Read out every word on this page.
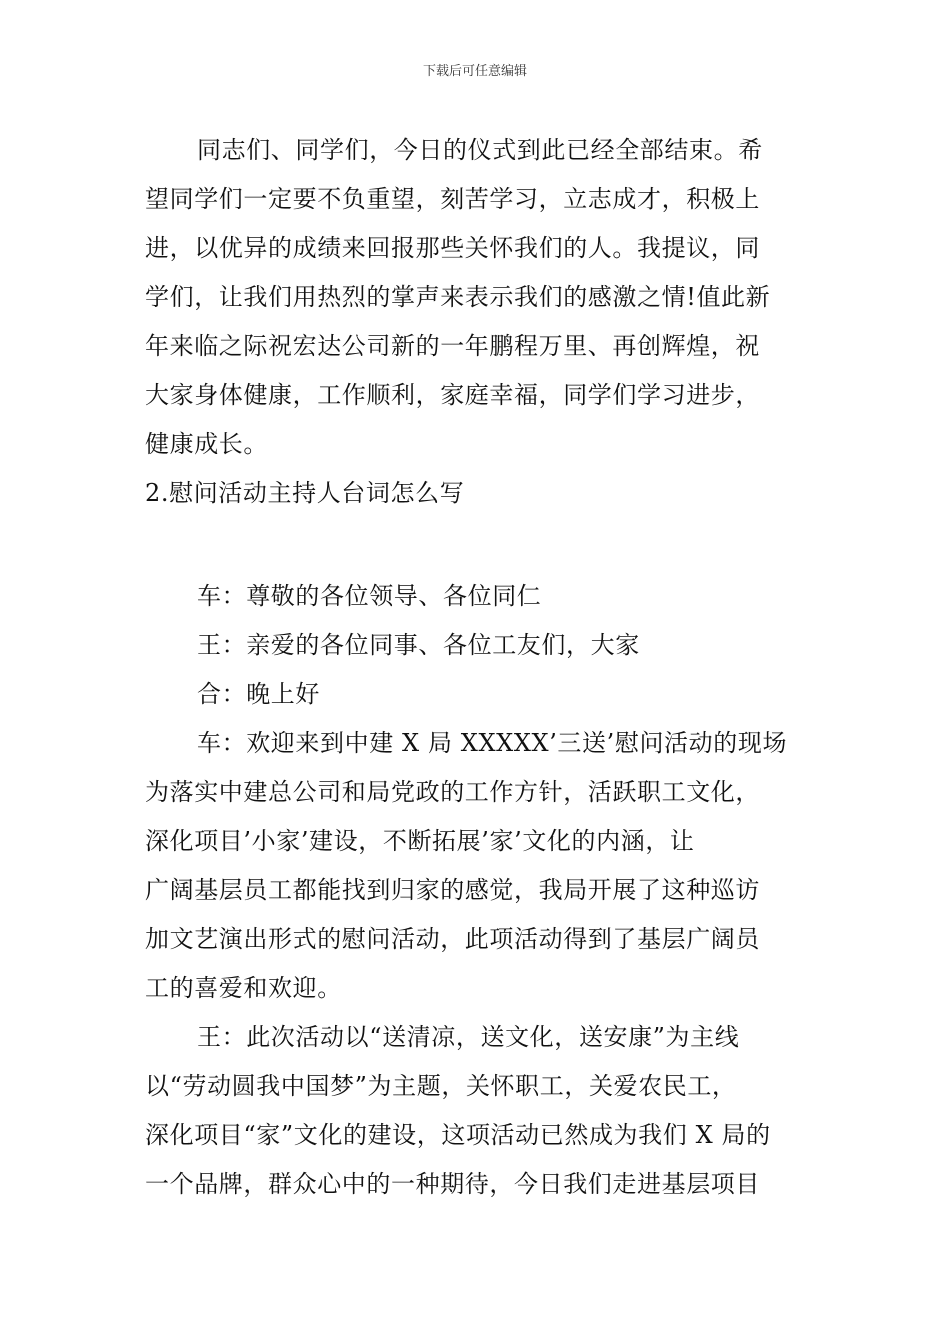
下载后可任意编辑
同志们、同学们，今日的仪式到此已经全部结束。希
望同学们一定要不负重望，刻苦学习，立志成才，积极上
进，以优异的成绩来回报那些关怀我们的人。我提议，同
学们，让我们用热烈的掌声来表示我们的感激之情!值此新
年来临之际祝宏达公司新的一年鹏程万里、再创辉煌，祝
大家身体健康，工作顺利，家庭幸福，同学们学习进步，
健康成长。
2.慰问活动主持人台词怎么写
车：尊敬的各位领导、各位同仁
王：亲爱的各位同事、各位工友们，大家
合：晚上好
车：欢迎来到中建 X 局 XXXXX’三送’慰问活动的现场
为落实中建总公司和局党政的工作方针，活跃职工文化，
深化项目’小家’建设，不断拓展’家’文化的内涵，让
广阔基层员工都能找到归家的感觉，我局开展了这种巡访
加文艺演出形式的慰问活动，此项活动得到了基层广阔员
工的喜爱和欢迎。
王：此次活动以“送清凉，送文化，送安康”为主线
以“劳动圆我中国梦”为主题，关怀职工，关爱农民工，
深化项目“家”文化的建设，这项活动已然成为我们 X 局的
一个品牌，群众心中的一种期待，今日我们走进基层项目
